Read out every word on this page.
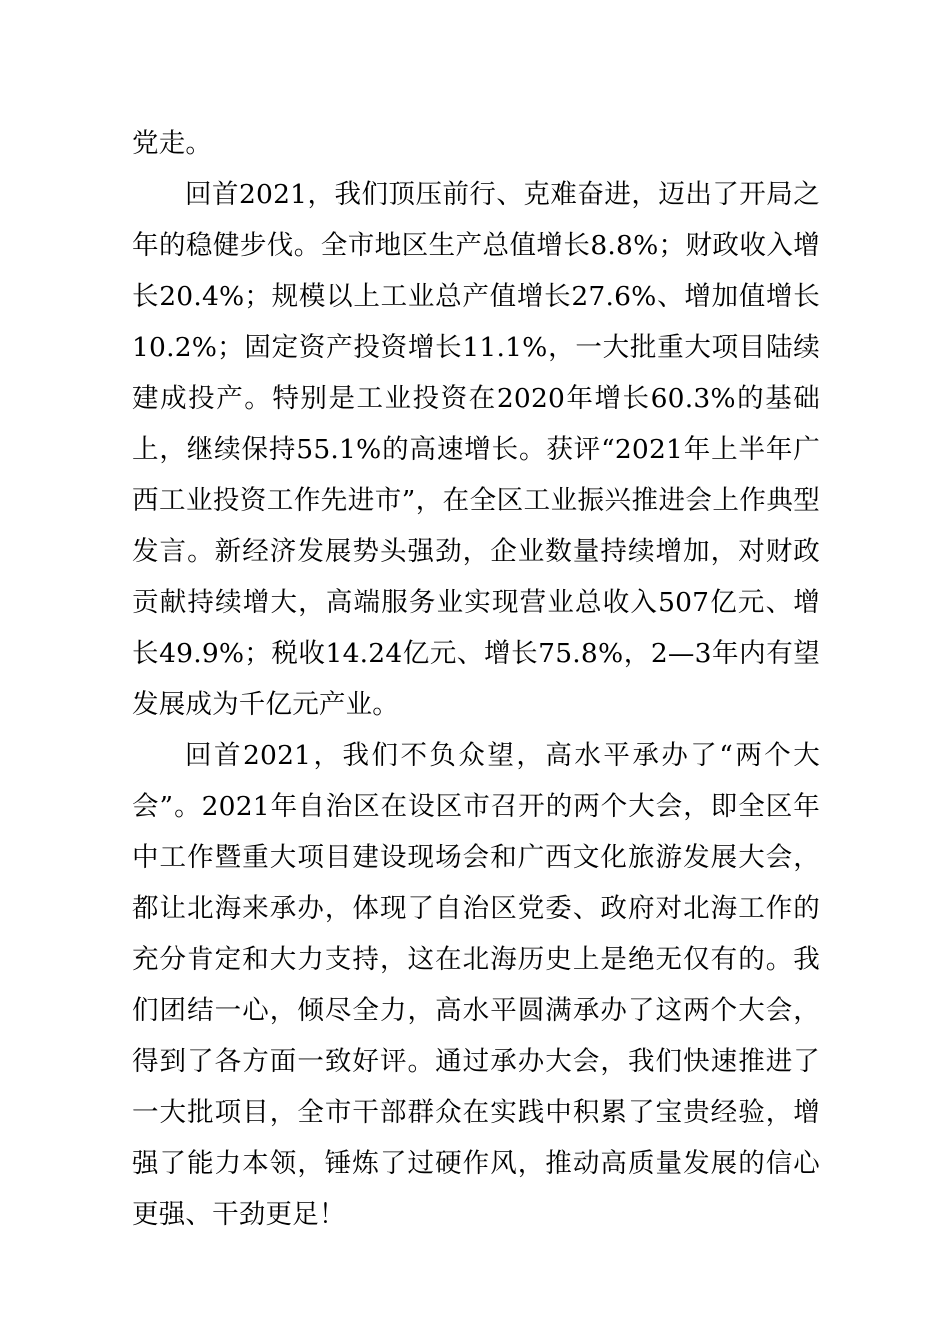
党走。

回首2021，我们顶压前行、克难奋进，迈出了开局之年的稳健步伐。全市地区生产总值增长8.8%；财政收入增长20.4%；规模以上工业总产值增长27.6%、增加值增长10.2%；固定资产投资增长11.1%，一大批重大项目陆续建成投产。特别是工业投资在2020年增长60.3%的基础上，继续保持55.1%的高速增长。获评“2021年上半年广西工业投资工作先进市”，在全区工业振兴推进会上作典型发言。新经济发展势头强劲，企业数量持续增加，对财政贡献持续增大，高端服务业实现营业总收入507亿元、增长49.9%；税收14.24亿元、增长75.8%，2—3年内有望发展成为千亿元产业。

回首2021，我们不负众望，高水平承办了“两个大会”。2021年自治区在设区市召开的两个大会，即全区年中工作暨重大项目建设现场会和广西文化旅游发展大会，都让北海来承办，体现了自治区党委、政府对北海工作的充分肯定和大力支持，这在北海历史上是绝无仅有的。我们团结一心，倾尽全力，高水平圆满承办了这两个大会，得到了各方面一致好评。通过承办大会，我们快速推进了一大批项目，全市干部群众在实践中积累了宝贵经验，增强了能力本领，锤炼了过硬作风，推动高质量发展的信心更强、干劲更足！
